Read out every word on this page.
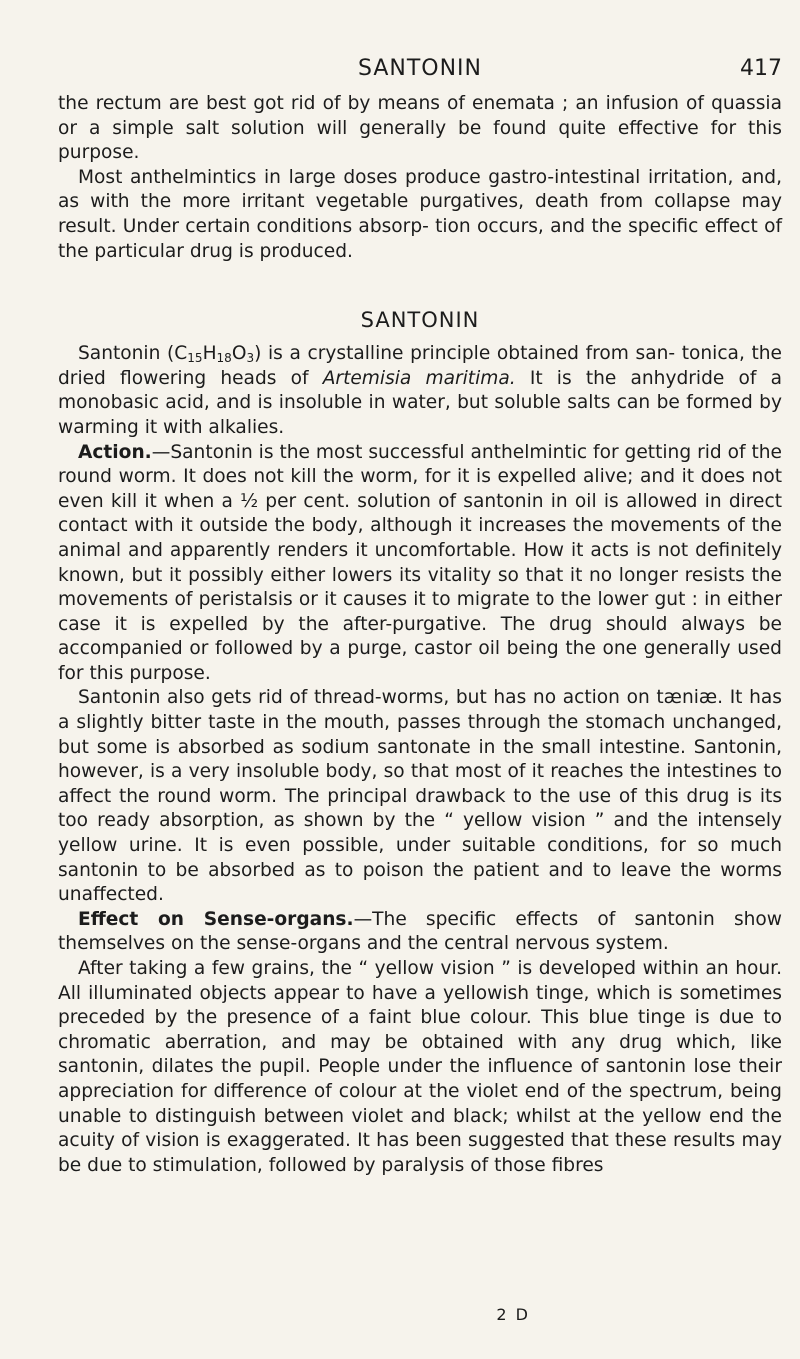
SANTONIN	417

the rectum are best got rid of by means of enemata ; an infusion of quassia or a simple salt solution will generally be found quite effective for this purpose.

Most anthelmintics in large doses produce gastro-intestinal irritation, and, as with the more irritant vegetable purgatives, death from collapse may result. Under certain conditions absorp- tion occurs, and the specific effect of the particular drug is produced.

SANTONIN

Santonin $(C_{15}H_{18}O_3)$ is a crystalline principle obtained from san- tonica, the dried flowering heads of Artemisia maritima. It is the anhydride of a monobasic acid, and is insoluble in water, but soluble salts can be formed by warming it with alkalies.

Action.—Santonin is the most successful anthelmintic for getting rid of the round worm. It does not kill the worm, for it is expelled alive; and it does not even kill it when a ½ per cent. solution of santonin in oil is allowed in direct contact with it outside the body, although it increases the movements of the animal and apparently renders it uncomfortable. How it acts is not definitely known, but it possibly either lowers its vitality so that it no longer resists the movements of peristalsis or it causes it to migrate to the lower gut : in either case it is expelled by the after-purgative. The drug should always be accompanied or followed by a purge, castor oil being the one generally used for this purpose.

Santonin also gets rid of thread-worms, but has no action on tæniæ. It has a slightly bitter taste in the mouth, passes through the stomach unchanged, but some is absorbed as sodium santonate in the small intestine. Santonin, however, is a very insoluble body, so that most of it reaches the intestines to affect the round worm. The principal drawback to the use of this drug is its too ready absorption, as shown by the “ yellow vision ” and the intensely yellow urine. It is even possible, under suitable conditions, for so much santonin to be absorbed as to poison the patient and to leave the worms unaffected.

Effect on Sense-organs.—The specific effects of santonin show themselves on the sense-organs and the central nervous system.

After taking a few grains, the “ yellow vision ” is developed within an hour. All illuminated objects appear to have a yellowish tinge, which is sometimes preceded by the presence of a faint blue colour. This blue tinge is due to chromatic aberration, and may be obtained with any drug which, like santonin, dilates the pupil. People under the influence of santonin lose their appreciation for difference of colour at the violet end of the spectrum, being unable to distinguish between violet and black; whilst at the yellow end the acuity of vision is exaggerated. It has been suggested that these results may be due to stimulation, followed by paralysis of those fibres

2 D
